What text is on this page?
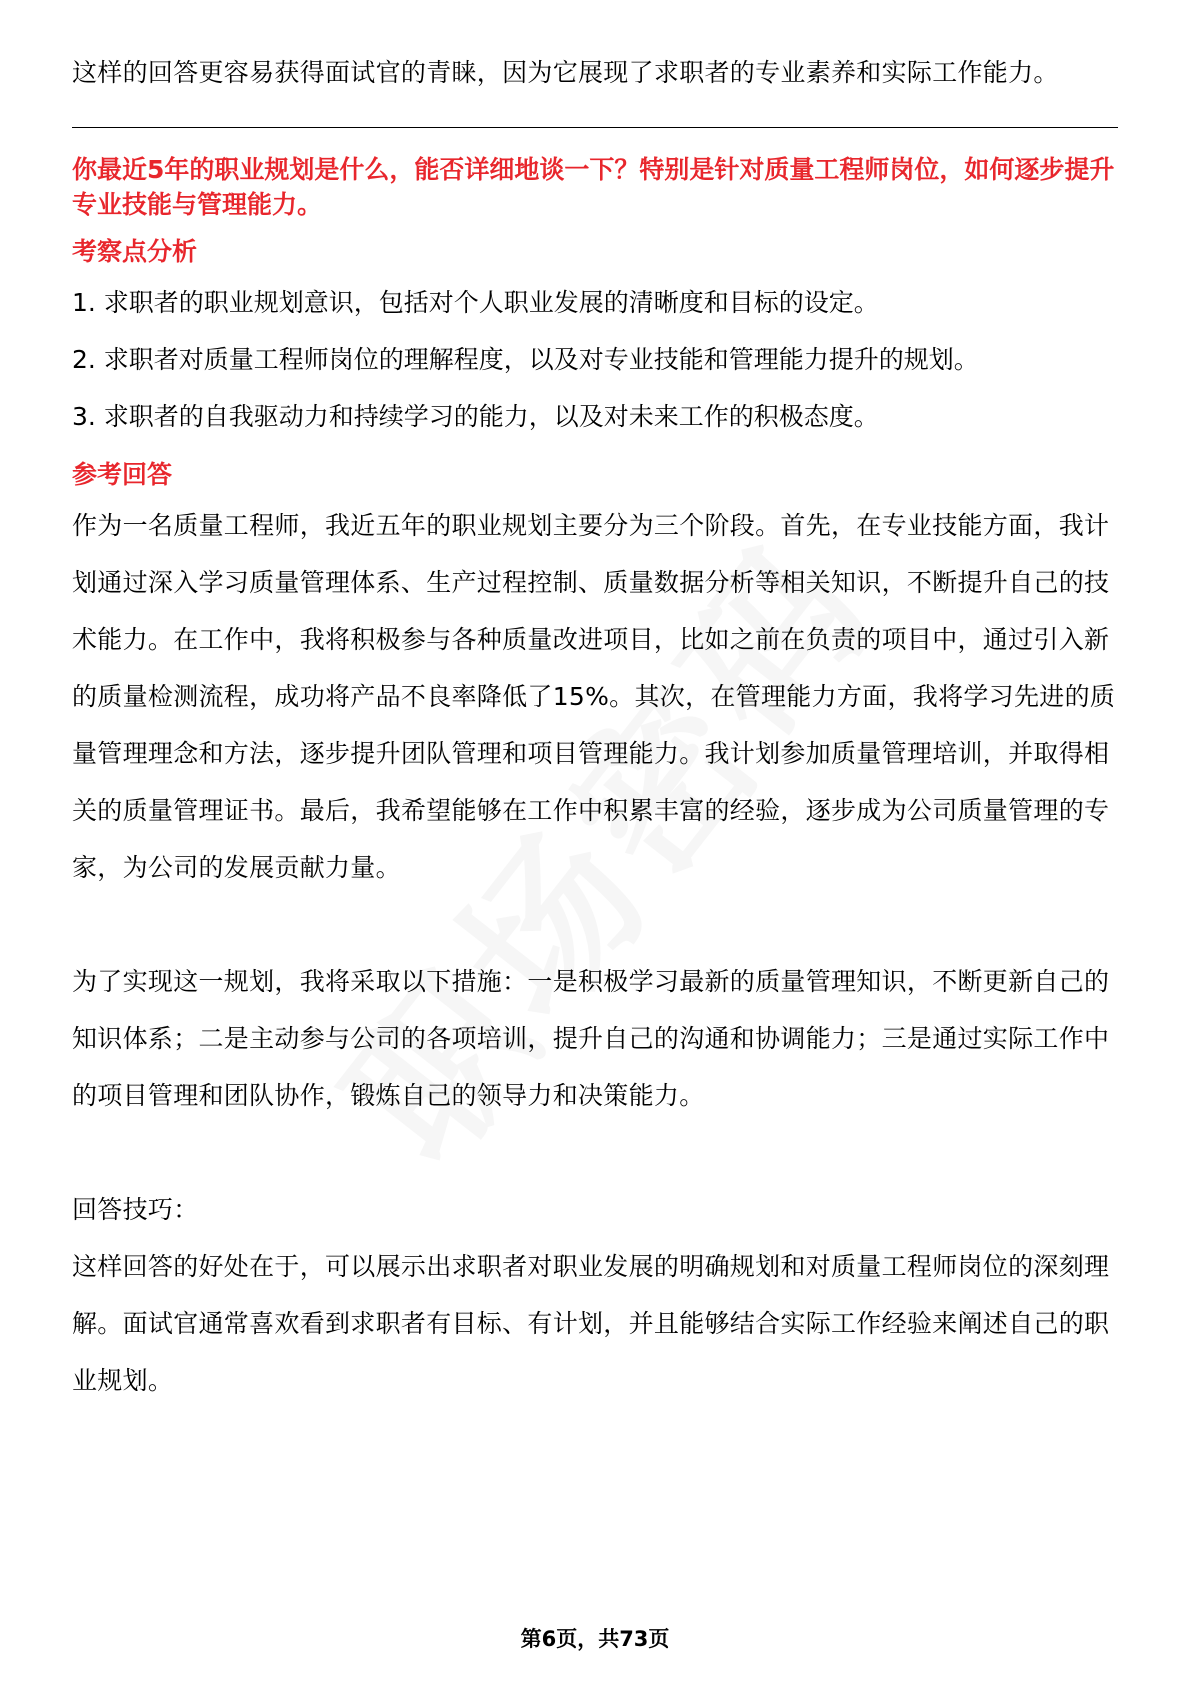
这样的回答更容易获得面试官的青睐，因为它展现了求职者的专业素养和实际工作能力。

你最近5年的职业规划是什么，能否详细地谈一下？特别是针对质量工程师岗位，如何逐步提升专业技能与管理能力。

考察点分析

1. 求职者的职业规划意识，包括对个人职业发展的清晰度和目标的设定。

2. 求职者对质量工程师岗位的理解程度，以及对专业技能和管理能力提升的规划。

3. 求职者的自我驱动力和持续学习的能力，以及对未来工作的积极态度。

参考回答

作为一名质量工程师，我近五年的职业规划主要分为三个阶段。首先，在专业技能方面，我计划通过深入学习质量管理体系、生产过程控制、质量数据分析等相关知识，不断提升自己的技术能力。在工作中，我将积极参与各种质量改进项目，比如之前在负责的项目中，通过引入新的质量检测流程，成功将产品不良率降低了15%。其次，在管理能力方面，我将学习先进的质量管理理念和方法，逐步提升团队管理和项目管理能力。我计划参加质量管理培训，并取得相关的质量管理证书。最后，我希望能够在工作中积累丰富的经验，逐步成为公司质量管理的专家，为公司的发展贡献力量。

为了实现这一规划，我将采取以下措施：一是积极学习最新的质量管理知识，不断更新自己的知识体系；二是主动参与公司的各项培训，提升自己的沟通和协调能力；三是通过实际工作中的项目管理和团队协作，锻炼自己的领导力和决策能力。

回答技巧：

这样回答的好处在于，可以展示出求职者对职业发展的明确规划和对质量工程师岗位的深刻理解。面试官通常喜欢看到求职者有目标、有计划，并且能够结合实际工作经验来阐述自己的职业规划。

第6页，共73页
